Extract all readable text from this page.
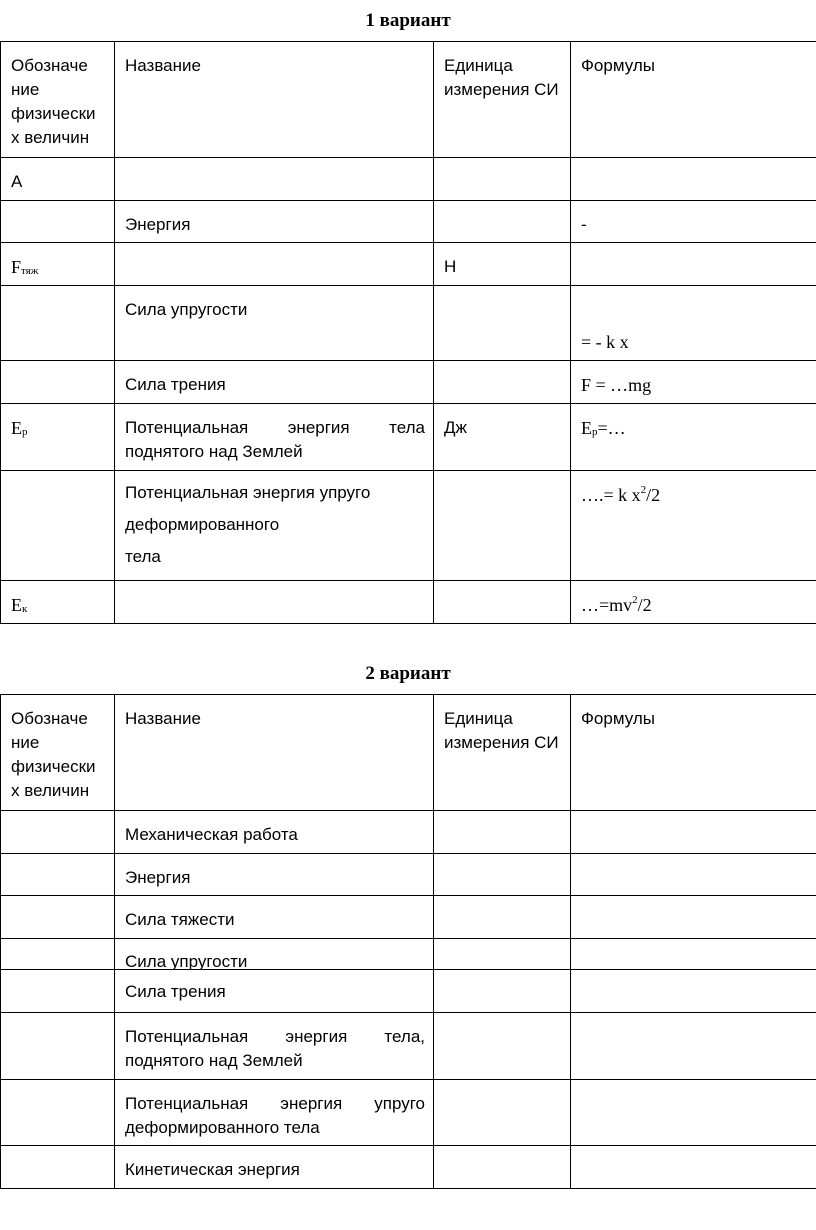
1 вариант
Обозначе ние физически х величин	Название	Единица измерения СИ	Формулы
А			
	Энергия		-
$F_{тяж}$		Н	
	Сила упругости		= - k x
	Сила трения		F = …mg
$E_p$	Потенциальная энергия тела поднятого над Землей	Дж	$E_p=\dots$

	Потенциальная энергия упруго
деформированного
тела		….= k $x^2/2$
$E_к$			$\dots=mv^2/2$
2 вариант
Обозначе ние физически х величин	Название	Единица измерения СИ	Формулы
	Механическая работа		
	Энергия		
	Сила тяжести		

	Сила упругости		

	Сила трения		
	Потенциальная энергия тела, поднятого над Землей		
	Потенциальная энергия упруго деформированного тела		
	Кинетическая энергия		
